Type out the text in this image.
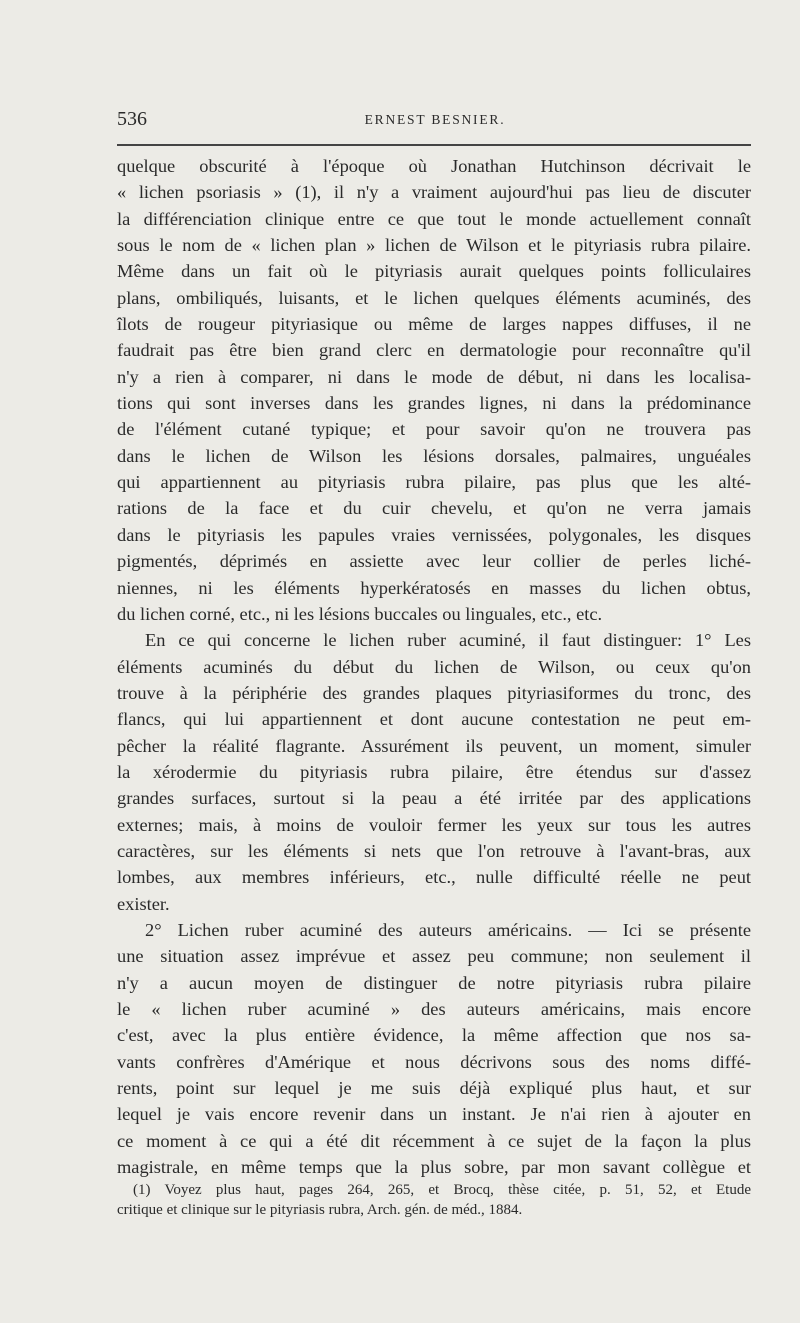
536	ERNEST BESNIER.
quelque obscurité à l'époque où Jonathan Hutchinson décrivait le
« lichen psoriasis » (1), il n'y a vraiment aujourd'hui pas lieu de discuter
la différenciation clinique entre ce que tout le monde actuellement connaît
sous le nom de « lichen plan » lichen de Wilson et le pityriasis rubra pilaire.
Même dans un fait où le pityriasis aurait quelques points folliculaires
plans, ombiliqués, luisants, et le lichen quelques éléments acuminés, des
îlots de rougeur pityriasique ou même de larges nappes diffuses, il ne
faudrait pas être bien grand clerc en dermatologie pour reconnaître qu'il
n'y a rien à comparer, ni dans le mode de début, ni dans les localisa-
tions qui sont inverses dans les grandes lignes, ni dans la prédominance
de l'élément cutané typique; et pour savoir qu'on ne trouvera pas
dans le lichen de Wilson les lésions dorsales, palmaires, unguéales
qui appartiennent au pityriasis rubra pilaire, pas plus que les alté-
rations de la face et du cuir chevelu, et qu'on ne verra jamais
dans le pityriasis les papules vraies vernissées, polygonales, les disques
pigmentés, déprimés en assiette avec leur collier de perles liché-
niennes, ni les éléments hyperkératosés en masses du lichen obtus,
du lichen corné, etc., ni les lésions buccales ou linguales, etc., etc.
En ce qui concerne le lichen ruber acuminé, il faut distinguer: 1° Les
éléments acuminés du début du lichen de Wilson, ou ceux qu'on
trouve à la périphérie des grandes plaques pityriasiformes du tronc, des
flancs, qui lui appartiennent et dont aucune contestation ne peut em-
pêcher la réalité flagrante. Assurément ils peuvent, un moment, simuler
la xérodermie du pityriasis rubra pilaire, être étendus sur d'assez
grandes surfaces, surtout si la peau a été irritée par des applications
externes; mais, à moins de vouloir fermer les yeux sur tous les autres
caractères, sur les éléments si nets que l'on retrouve à l'avant-bras, aux
lombes, aux membres inférieurs, etc., nulle difficulté réelle ne peut
exister.
2° Lichen ruber acuminé des auteurs américains. — Ici se présente
une situation assez imprévue et assez peu commune; non seulement il
n'y a aucun moyen de distinguer de notre pityriasis rubra pilaire
le « lichen ruber acuminé » des auteurs américains, mais encore
c'est, avec la plus entière évidence, la même affection que nos sa-
vants confrères d'Amérique et nous décrivons sous des noms diffé-
rents, point sur lequel je me suis déjà expliqué plus haut, et sur
lequel je vais encore revenir dans un instant. Je n'ai rien à ajouter en
ce moment à ce qui a été dit récemment à ce sujet de la façon la plus
magistrale, en même temps que la plus sobre, par mon savant collègue et
(1) Voyez plus haut, pages 264, 265, et Brocq, thèse citée, p. 51, 52, et Etude
critique et clinique sur le pityriasis rubra, Arch. gén. de méd., 1884.
